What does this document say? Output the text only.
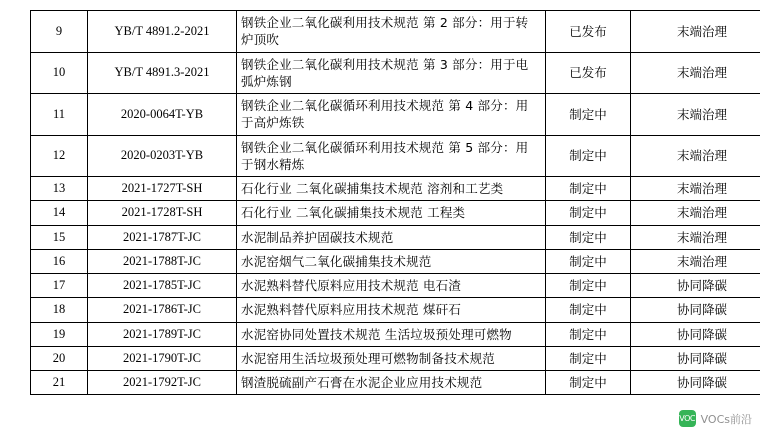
9	YB/T 4891.2-2021	钢铁企业二氧化碳利用技术规范 第 2 部分：用于转炉顶吹	已发布	末端治理
10	YB/T 4891.3-2021	钢铁企业二氧化碳利用技术规范 第 3 部分：用于电弧炉炼钢	已发布	末端治理
11	2020-0064T-YB	钢铁企业二氧化碳循环利用技术规范 第 4 部分：用于高炉炼铁	制定中	末端治理
12	2020-0203T-YB	钢铁企业二氧化碳循环利用技术规范 第 5 部分：用于钢水精炼	制定中	末端治理
13	2021-1727T-SH	石化行业 二氧化碳捕集技术规范 溶剂和工艺类	制定中	末端治理
14	2021-1728T-SH	石化行业 二氧化碳捕集技术规范 工程类	制定中	末端治理
15	2021-1787T-JC	水泥制品养护固碳技术规范	制定中	末端治理
16	2021-1788T-JC	水泥窑烟气二氧化碳捕集技术规范	制定中	末端治理
17	2021-1785T-JC	水泥熟料替代原料应用技术规范 电石渣	制定中	协同降碳
18	2021-1786T-JC	水泥熟料替代原料应用技术规范 煤矸石	制定中	协同降碳
19	2021-1789T-JC	水泥窑协同处置技术规范 生活垃圾预处理可燃物	制定中	协同降碳
20	2021-1790T-JC	水泥窑用生活垃圾预处理可燃物制备技术规范	制定中	协同降碳
21	2021-1792T-JC	钢渣脱硫副产石膏在水泥企业应用技术规范	制定中	协同降碳
VOC VOCs前沿
